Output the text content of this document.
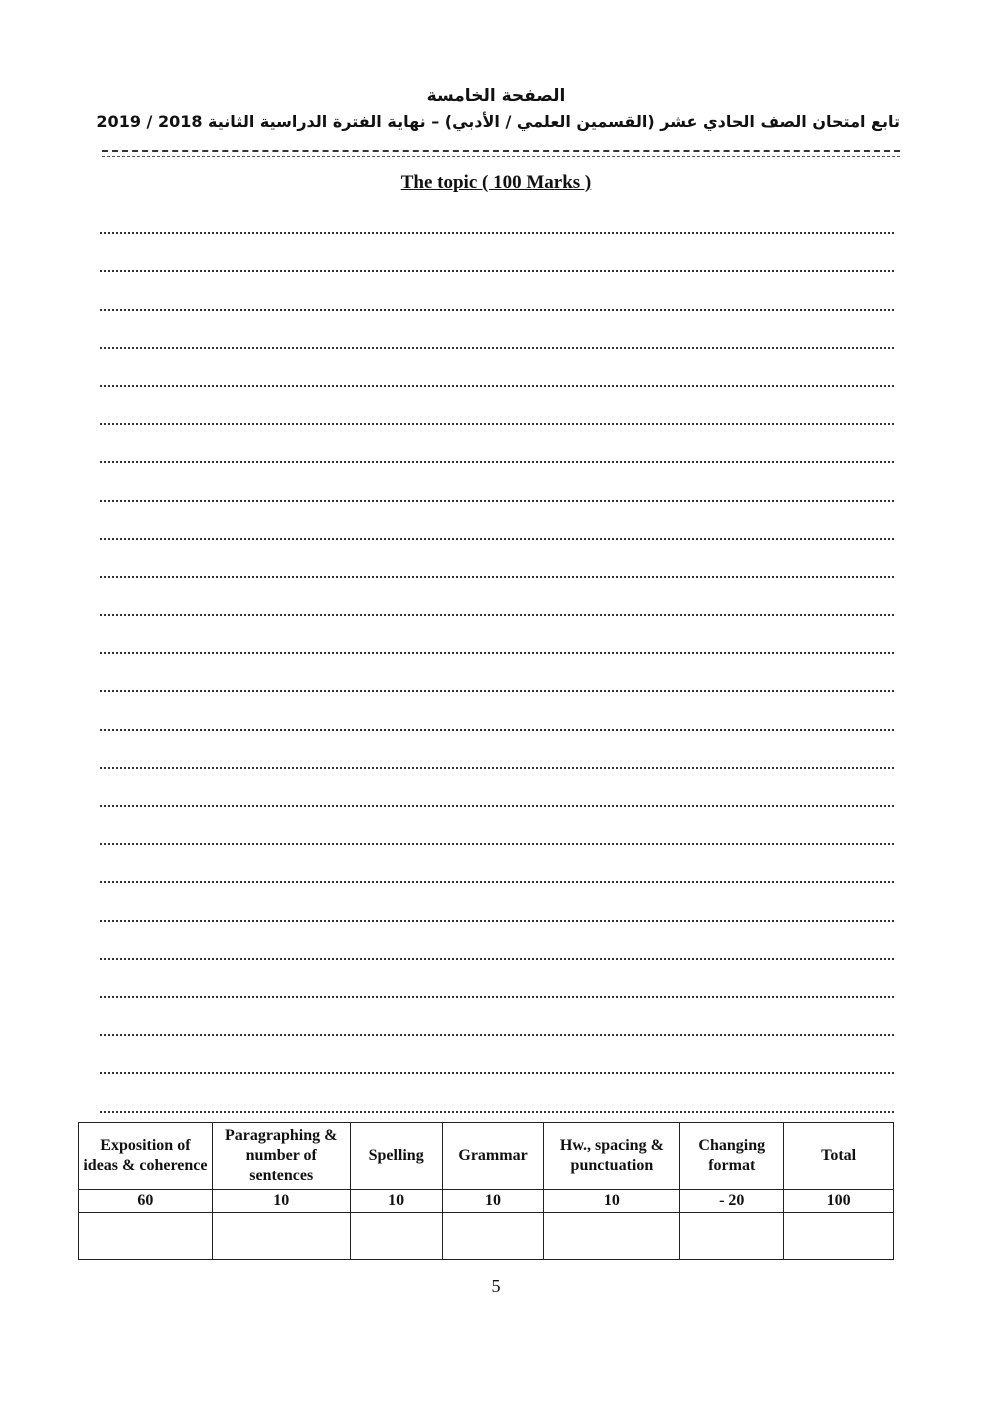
الصفحة الخامسة
تابع امتحان الصف الحادي عشر (القسمين العلمي / الأدبي) – نهاية الفترة الدراسية الثانية 2018 / 2019
The topic ( 100 Marks )
Exposition of ideas & coherence	Paragraphing & number of sentences	Spelling	Grammar	Hw., spacing & punctuation	Changing format	Total
60	10	10	10	10	- 20	100

5
